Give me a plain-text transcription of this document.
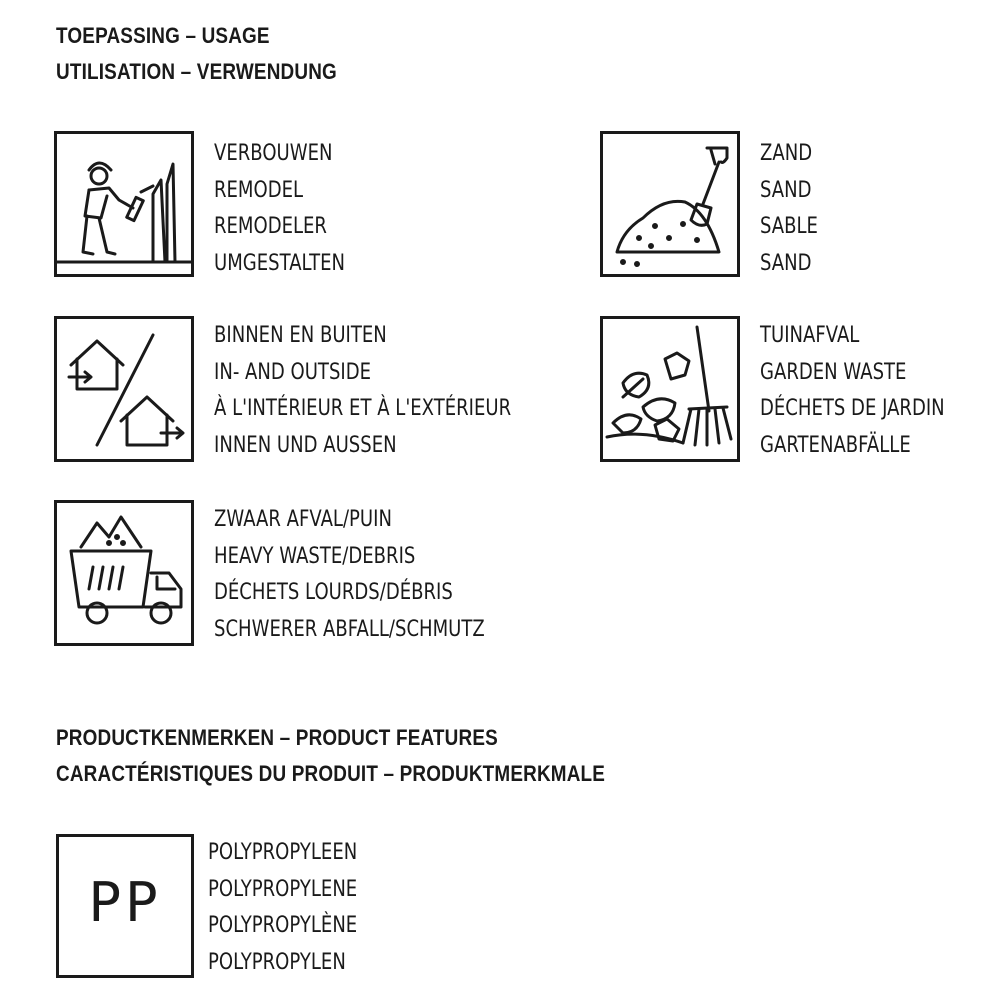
TOEPASSING – USAGE
UTILISATION – VERWENDUNG
VERBOUWEN
REMODEL
REMODELER
UMGESTALTEN
BINNEN EN BUITEN
IN- AND OUTSIDE
À L'INTÉRIEUR ET À L'EXTÉRIEUR
INNEN UND AUSSEN
ZWAAR AFVAL/PUIN
HEAVY WASTE/DEBRIS
DÉCHETS LOURDS/DÉBRIS
SCHWERER ABFALL/SCHMUTZ
ZAND
SAND
SABLE
SAND
TUINAFVAL
GARDEN WASTE
DÉCHETS DE JARDIN
GARTENABFÄLLE
PRODUCTKENMERKEN – PRODUCT FEATURES
CARACTÉRISTIQUES DU PRODUIT – PRODUKTMERKMALE
PP
POLYPROPYLEEN
POLYPROPYLENE
POLYPROPYLÈNE
POLYPROPYLEN
